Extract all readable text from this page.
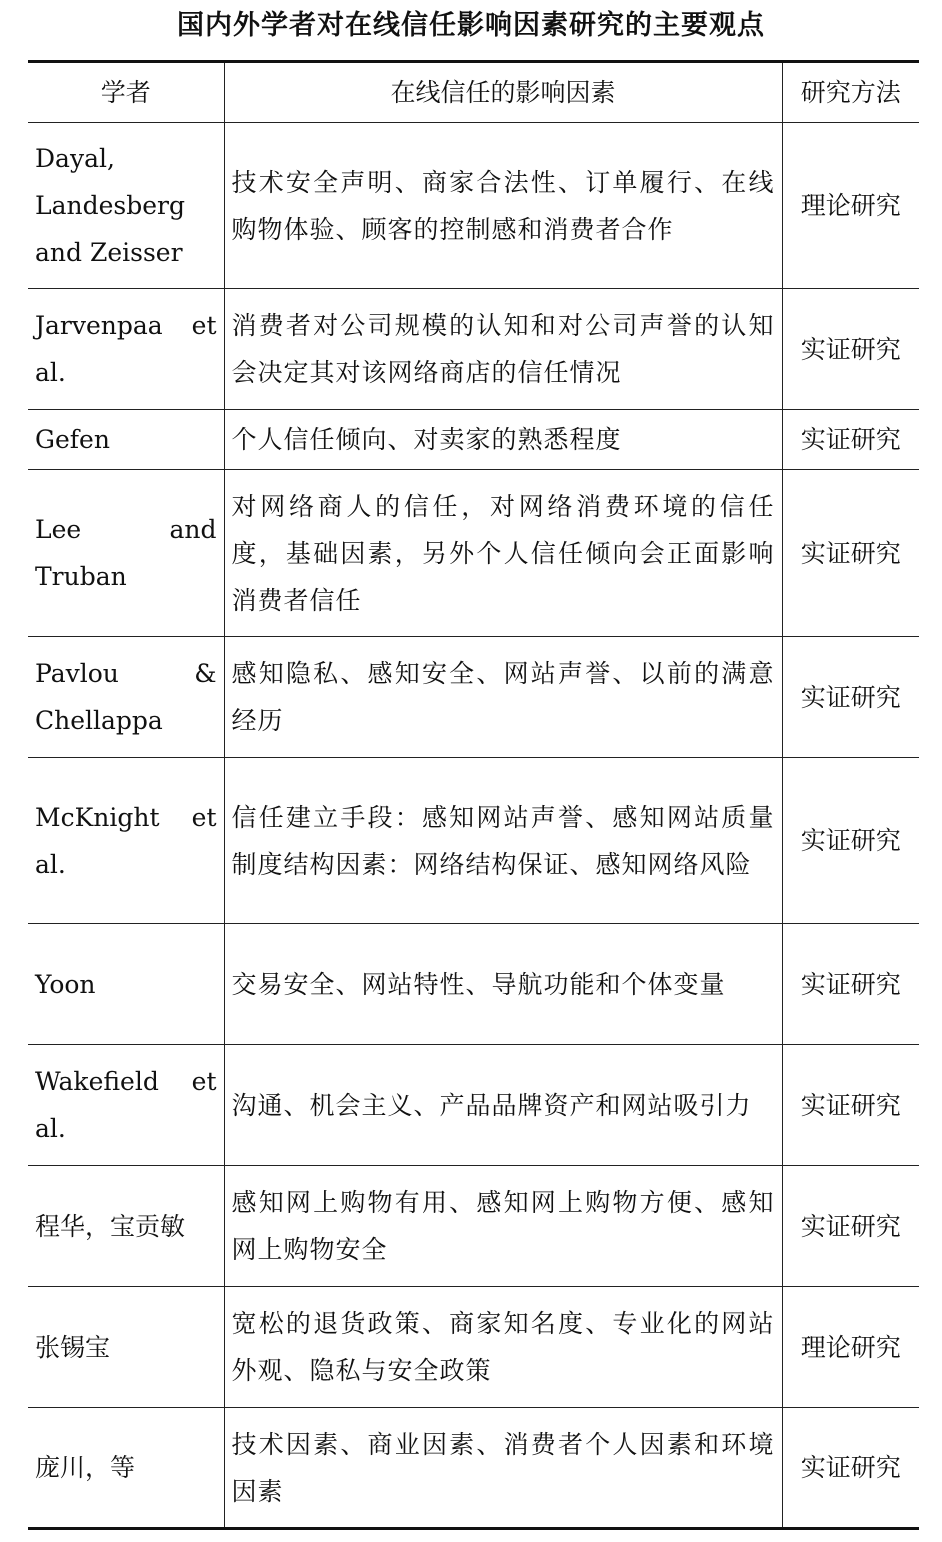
国内外学者对在线信任影响因素研究的主要观点
学者	在线信任的影响因素	研究方法
Dayal, Landesberg and Zeisser	技术安全声明、商家合法性、订单履行、在线购物体验、顾客的控制感和消费者合作	理论研究
Jarvenpaa et al.	消费者对公司规模的认知和对公司声誉的认知会决定其对该网络商店的信任情况	实证研究
Gefen	个人信任倾向、对卖家的熟悉程度	实证研究
Lee and Truban	对网络商人的信任，对网络消费环境的信任度，基础因素，另外个人信任倾向会正面影响消费者信任	实证研究
Pavlou & Chellappa	感知隐私、感知安全、网站声誉、以前的满意经历	实证研究
McKnight et al.	信任建立手段：感知网站声誉、感知网站质量 制度结构因素：网络结构保证、感知网络风险	实证研究
Yoon	交易安全、网站特性、导航功能和个体变量	实证研究
Wakefield et al.	沟通、机会主义、产品品牌资产和网站吸引力	实证研究
程华，宝贡敏	感知网上购物有用、感知网上购物方便、感知网上购物安全	实证研究
张锡宝	宽松的退货政策、商家知名度、专业化的网站外观、隐私与安全政策	理论研究
庞川，等	技术因素、商业因素、消费者个人因素和环境因素	实证研究
